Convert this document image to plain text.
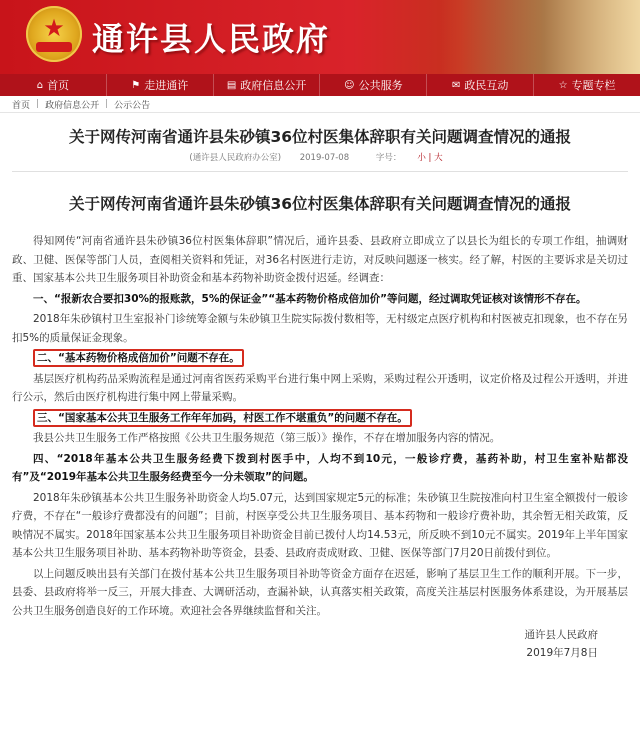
★ 通许县人民政府
⌂ 首页	⚑ 走进通许	▤ 政府信息公开	☺ 公共服务	✉ 政民互动	☆ 专题专栏
首页 | 政府信息公开 | 公示公告
关于网传河南省通许县朱砂镇36位村医集体辞职有关问题调查情况的通报
(通许县人民政府办公室) 2019-07-08	字号： 小 | 大
关于网传河南省通许县朱砂镇36位村医集体辞职有关问题调查情况的通报

得知网传“河南省通许县朱砂镇36位村医集体辞职”情况后，通许县委、县政府立即成立了以县长为组长的专项工作组，抽调财政、卫健、医保等部门人员，查阅相关资料和凭证，对36名村医进行走访，对反映问题逐一核实。经了解，村医的主要诉求是关切过重、国家基本公共卫生服务项目补助资金和基本药物补助资金拨付迟延。经调查：

一、“报新农合要扣30%的报账款，5%的保证金”“基本药物价格成倍加价”等问题，经过调取凭证核对该情形不存在。

2018年朱砂镇村卫生室报补门诊统筹金额与朱砂镇卫生院实际拨付数相等，无村级定点医疗机构和村医被克扣现象，也不存在另扣5%的质量保证金现象。

二、“基本药物价格成倍加价”问题不存在。

基层医疗机构药品采购流程是通过河南省医药采购平台进行集中网上采购，采购过程公开透明，议定价格及过程公开透明，并进行公示，然后由医疗机构进行集中网上带量采购。

三、“国家基本公共卫生服务工作年年加码，村医工作不堪重负”的问题不存在。

我县公共卫生服务工作严格按照《公共卫生服务规范（第三版）》操作，不存在增加服务内容的情况。

四、“2018年基本公共卫生服务经费下拨到村医手中，人均不到10元，一般诊疗费，基药补助，村卫生室补贴都没有”及“2019年基本公共卫生服务经费至今一分未领取”的问题。

2018年朱砂镇基本公共卫生服务补助资金人均5.07元，达到国家规定5元的标准；朱砂镇卫生院按准向村卫生室全额拨付一般诊疗费，不存在“一般诊疗费都没有的问题”；目前，村医享受公共卫生服务项目、基本药物和一般诊疗费补助，其余暂无相关政策，反映情况不属实。2018年国家基本公共卫生服务项目补助资金目前已拨付人均14.53元，所反映不到10元不属实。2019年上半年国家基本公共卫生服务项目补助、基本药物补助等资金，县委、县政府责成财政、卫健、医保等部门7月20日前拨付到位。

以上问题反映出县有关部门在拨付基本公共卫生服务项目补助等资金方面存在迟延，影响了基层卫生工作的顺利开展。下一步，县委、县政府将举一反三，开展大排查、大调研活动，查漏补缺，认真落实相关政策，高度关注基层村医服务体系建设，为开展基层公共卫生服务创造良好的工作环境。欢迎社会各界继续监督和关注。

通许县人民政府
2019年7月8日
